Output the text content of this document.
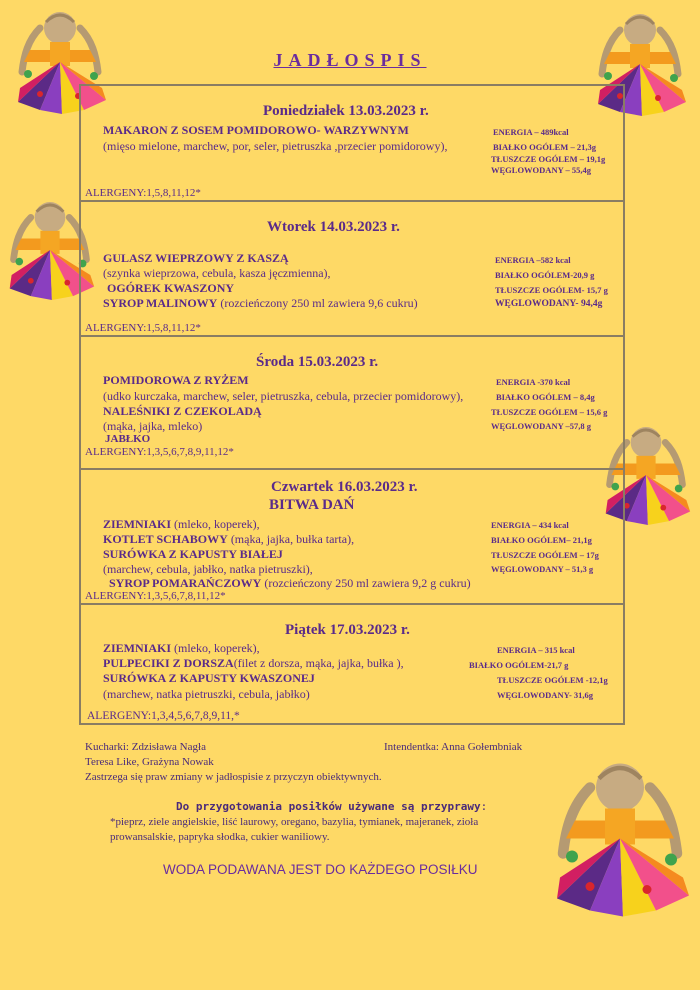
JADŁOSPIS
Poniedziałek 13.03.2023 r.
MAKARON Z SOSEM POMIDOROWO- WARZYWNYM
(mięso mielone, marchew, por, seler, pietruszka ,przecier pomidorowy),
ENERGIA – 489kcal
BIAŁKO OGÓLEM – 21,3g
TŁUSZCZE OGÓLEM – 19,1g
WĘGLOWODANY – 55,4g
ALERGENY:1,5,8,11,12*
Wtorek 14.03.2023 r.
GULASZ WIEPRZOWY Z KASZĄ
(szynka wieprzowa, cebula, kasza jęczmienna),
OGÓREK KWASZONY
SYROP MALINOWY (rozcieńczony 250 ml zawiera 9,6 cukru)
ENERGIA –582 kcal
BIAŁKO OGÓLEM-20,9 g
TŁUSZCZE OGÓLEM- 15,7 g
WĘGLOWODANY- 94,4g
ALERGENY:1,5,8,11,12*
Środa 15.03.2023 r.
POMIDOROWA Z RYŻEM
(udko kurczaka, marchew, seler, pietruszka, cebula, przecier pomidorowy),
NALEŚNIKI Z CZEKOLADĄ
(mąka, jajka, mleko)
JABŁKO
ENERGIA -370 kcal
BIAŁKO OGÓLEM – 8,4g
TŁUSZCZE OGÓLEM – 15,6 g
WĘGLOWODANY –57,8 g
ALERGENY:1,3,5,6,7,8,9,11,12*
Czwartek 16.03.2023 r.
BITWA DAŃ
ZIEMNIAKI (mleko, koperek),
KOTLET SCHABOWY (mąka, jajka, bułka tarta),
SURÓWKA Z KAPUSTY BIAŁEJ
(marchew, cebula, jabłko, natka pietruszki),
SYROP POMARAŃCZOWY (rozcieńczony 250 ml zawiera 9,2 g cukru)
ENERGIA – 434 kcal
BIAŁKO OGÓLEM– 21,1g
TŁUSZCZE OGÓLEM – 17g
WĘGLOWODANY – 51,3 g
ALERGENY:1,3,5,6,7,8,11,12*
Piątek 17.03.2023 r.
ZIEMNIAKI (mleko, koperek),
PULPECIKI Z DORSZA(filet z dorsza, mąka, jajka, bułka ),
SURÓWKA Z KAPUSTY KWASZONEJ
(marchew, natka pietruszki, cebula, jabłko)
ENERGIA – 315 kcal
BIAŁKO OGÓLEM-21,7 g
TŁUSZCZE OGÓLEM -12,1g
WĘGLOWODANY- 31,6g
ALERGENY:1,3,4,5,6,7,8,9,11,*
Kucharki: Zdzisława Nagła	Intendentka: Anna Gołembniak
Teresa Like, Grażyna Nowak
Zastrzega się praw zmiany w jadłospisie z przyczyn obiektywnych.
Do przygotowania posiłków używane są przyprawy:
*pieprz, ziele angielskie, liść laurowy, oregano, bazylia, tymianek, majeranek, zioła
prowansalskie, papryka słodka, cukier waniliowy.
WODA PODAWANA JEST DO KAŻDEGO POSIŁKU
